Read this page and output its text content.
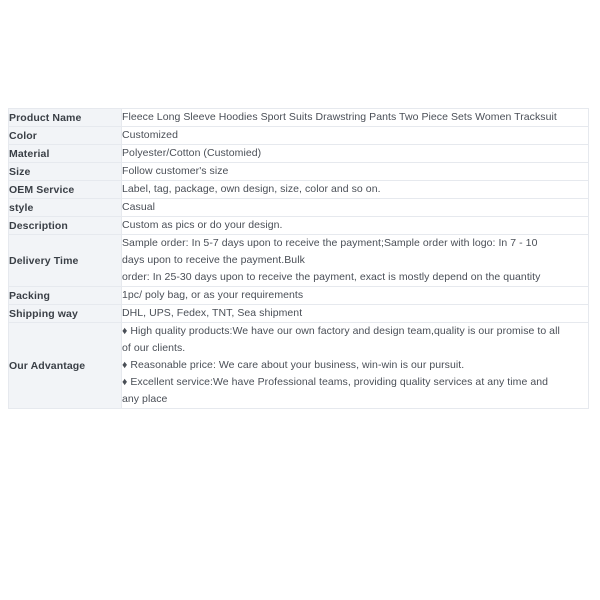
Product Name	Fleece Long Sleeve Hoodies Sport Suits Drawstring Pants Two Piece Sets Women Tracksuit

Color	Customized

Material	Polyester/Cotton (Customied)

Size	Follow customer's size

OEM Service	Label, tag, package, own design, size, color and so on.

style	Casual

Description	Custom as pics or do your design.

Delivery Time	Sample order: In 5-7 days upon to receive the payment;Sample order with logo: In 7 - 10
days upon to receive the payment.Bulk
order: In 25-30 days upon to receive the payment, exact is mostly depend on the quantity

Packing	1pc/ poly bag, or as your requirements

Shipping way	DHL, UPS, Fedex, TNT, Sea shipment

Our Advantage	♦ High quality products:We have our own factory and design team,quality is our promise to all
of our clients.
♦ Reasonable price: We care about your business, win-win is our pursuit.
♦ Excellent service:We have Professional teams, providing quality services at any time and
any place
